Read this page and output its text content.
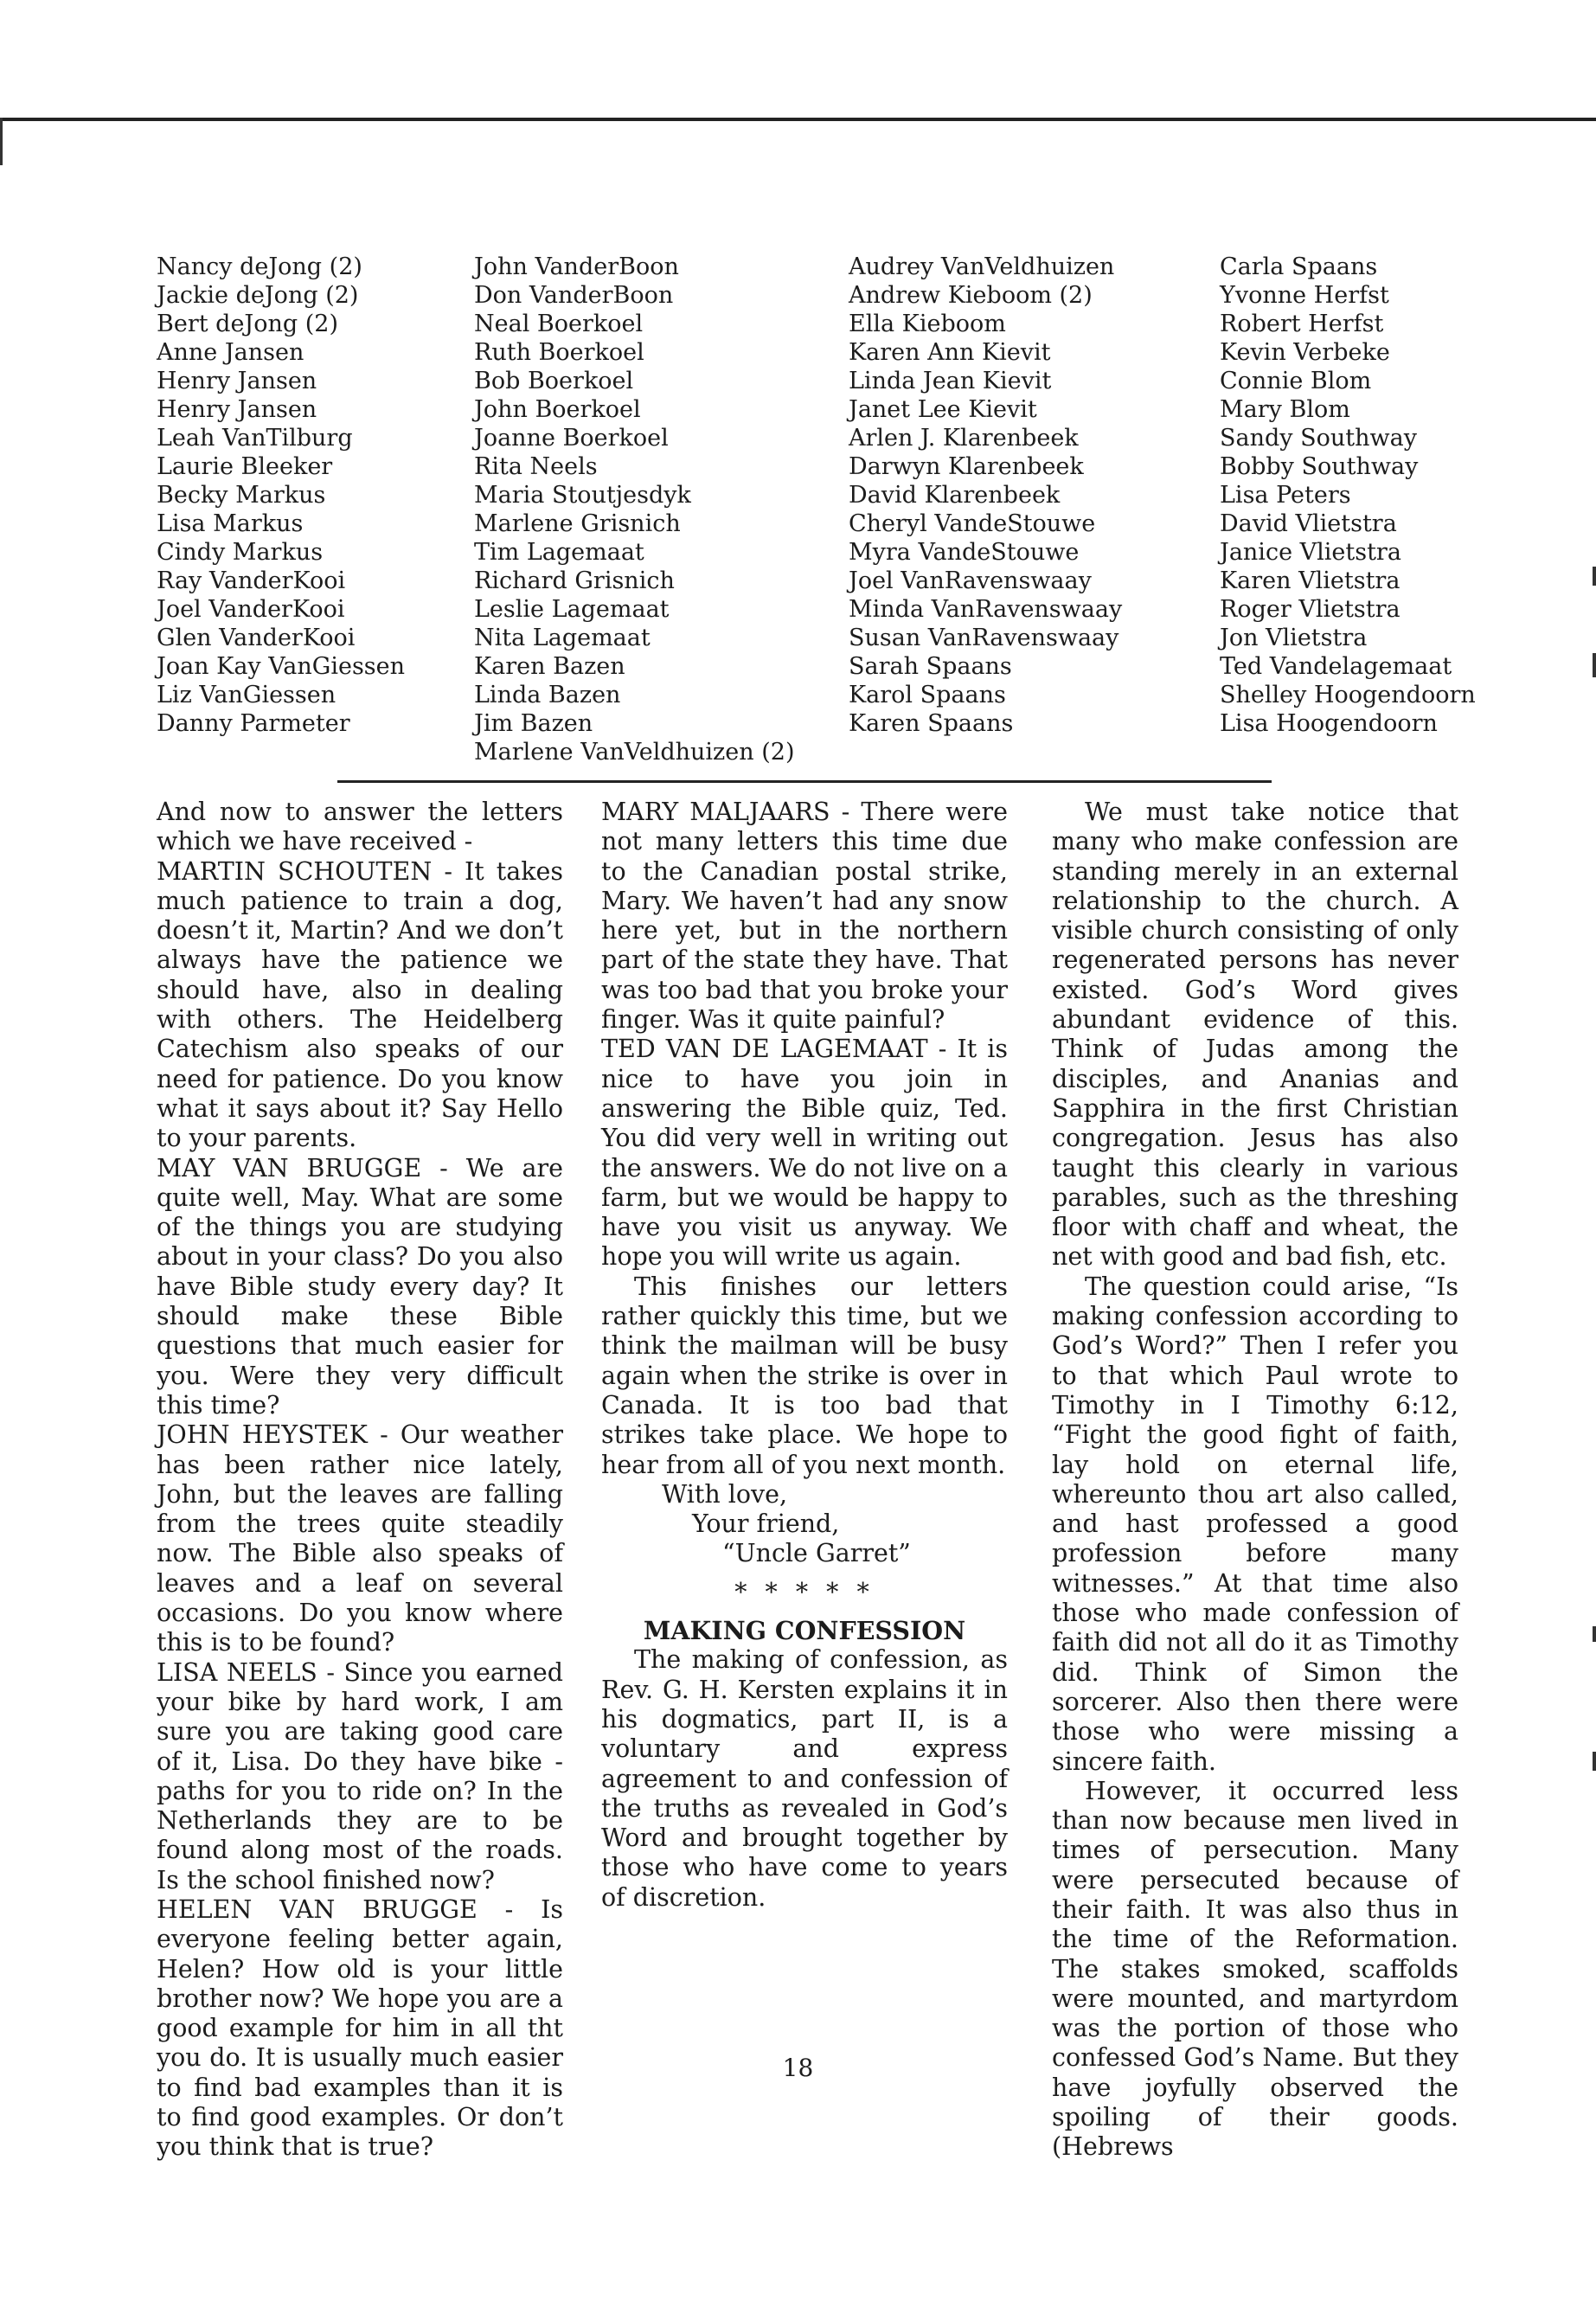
Nancy deJong (2)
Jackie deJong (2)
Bert deJong (2)
Anne Jansen
Henry Jansen
Henry Jansen
Leah VanTilburg
Laurie Bleeker
Becky Markus
Lisa Markus
Cindy Markus
Ray VanderKooi
Joel VanderKooi
Glen VanderKooi
Joan Kay VanGiessen
Liz VanGiessen
Danny Parmeter
John VanderBoon
Don VanderBoon
Neal Boerkoel
Ruth Boerkoel
Bob Boerkoel
John Boerkoel
Joanne Boerkoel
Rita Neels
Maria Stoutjesdyk
Marlene Grisnich
Tim Lagemaat
Richard Grisnich
Leslie Lagemaat
Nita Lagemaat
Karen Bazen
Linda Bazen
Jim Bazen
Marlene VanVeldhuizen (2)
Audrey VanVeldhuizen
Andrew Kieboom (2)
Ella Kieboom
Karen Ann Kievit
Linda Jean Kievit
Janet Lee Kievit
Arlen J. Klarenbeek
Darwyn Klarenbeek
David Klarenbeek
Cheryl VandeStouwe
Myra VandeStouwe
Joel VanRavenswaay
Minda VanRavenswaay
Susan VanRavenswaay
Sarah Spaans
Karol Spaans
Karen Spaans
Carla Spaans
Yvonne Herfst
Robert Herfst
Kevin Verbeke
Connie Blom
Mary Blom
Sandy Southway
Bobby Southway
Lisa Peters
David Vlietstra
Janice Vlietstra
Karen Vlietstra
Roger Vlietstra
Jon Vlietstra
Ted Vandelagemaat
Shelley Hoogendoorn
Lisa Hoogendoorn

And now to answer the letters which we have received -

MARTIN SCHOUTEN - It takes much patience to train a dog, doesn’t it, Martin? And we don’t always have the patience we should have, also in dealing with others. The Heidelberg Catechism also speaks of our need for patience. Do you know what it says about it? Say Hello to your parents.

MAY VAN BRUGGE - We are quite well, May. What are some of the things you are studying about in your class? Do you also have Bible study every day? It should make these Bible questions that much easier for you. Were they very difficult this time?

JOHN HEYSTEK - Our weather has been rather nice lately, John, but the leaves are falling from the trees quite steadily now. The Bible also speaks of leaves and a leaf on several occasions. Do you know where this is to be found?

LISA NEELS - Since you earned your bike by hard work, I am sure you are taking good care of it, Lisa. Do they have bike - paths for you to ride on? In the Netherlands they are to be found along most of the roads. Is the school finished now?

HELEN VAN BRUGGE - Is everyone feeling better again, Helen? How old is your little brother now? We hope you are a good example for him in all tht you do. It is usually much easier to find bad examples than it is to find good examples. Or don’t you think that is true?

MARY MALJAARS - There were not many letters this time due to the Canadian postal strike, Mary. We haven’t had any snow here yet, but in the northern part of the state they have. That was too bad that you broke your finger. Was it quite painful?

TED VAN DE LAGEMAAT - It is nice to have you join in answering the Bible quiz, Ted. You did very well in writing out the answers. We do not live on a farm, but we would be happy to have you visit us anyway. We hope you will write us again.

This finishes our letters rather quickly this time, but we think the mailman will be busy again when the strike is over in Canada. It is too bad that strikes take place. We hope to hear from all of you next month.

With love,

Your friend,

“Uncle Garret”

* * * * *

MAKING CONFESSION

The making of confession, as Rev. G. H. Kersten explains it in his dogmatics, part II, is a voluntary and express agreement to and confession of the truths as revealed in God’s Word and brought together by those who have come to years of discretion.

We must take notice that many who make confession are standing merely in an external relationship to the church. A visible church consisting of only regenerated persons has never existed. God’s Word gives abundant evidence of this. Think of Judas among the disciples, and Ananias and Sapphira in the first Christian congregation. Jesus has also taught this clearly in various parables, such as the threshing floor with chaff and wheat, the net with good and bad fish, etc.

The question could arise, “Is making confession according to God’s Word?” Then I refer you to that which Paul wrote to Timothy in I Timothy 6:12, “Fight the good fight of faith, lay hold on eternal life, whereunto thou art also called, and hast professed a good profession before many witnesses.” At that time also those who made confession of faith did not all do it as Timothy did. Think of Simon the sorcerer. Also then there were those who were missing a sincere faith.

However, it occurred less than now because men lived in times of persecution. Many were persecuted because of their faith. It was also thus in the time of the Reformation. The stakes smoked, scaffolds were mounted, and martyrdom was the portion of those who confessed God’s Name. But they have joyfully observed the spoiling of their goods. (Hebrews

18
